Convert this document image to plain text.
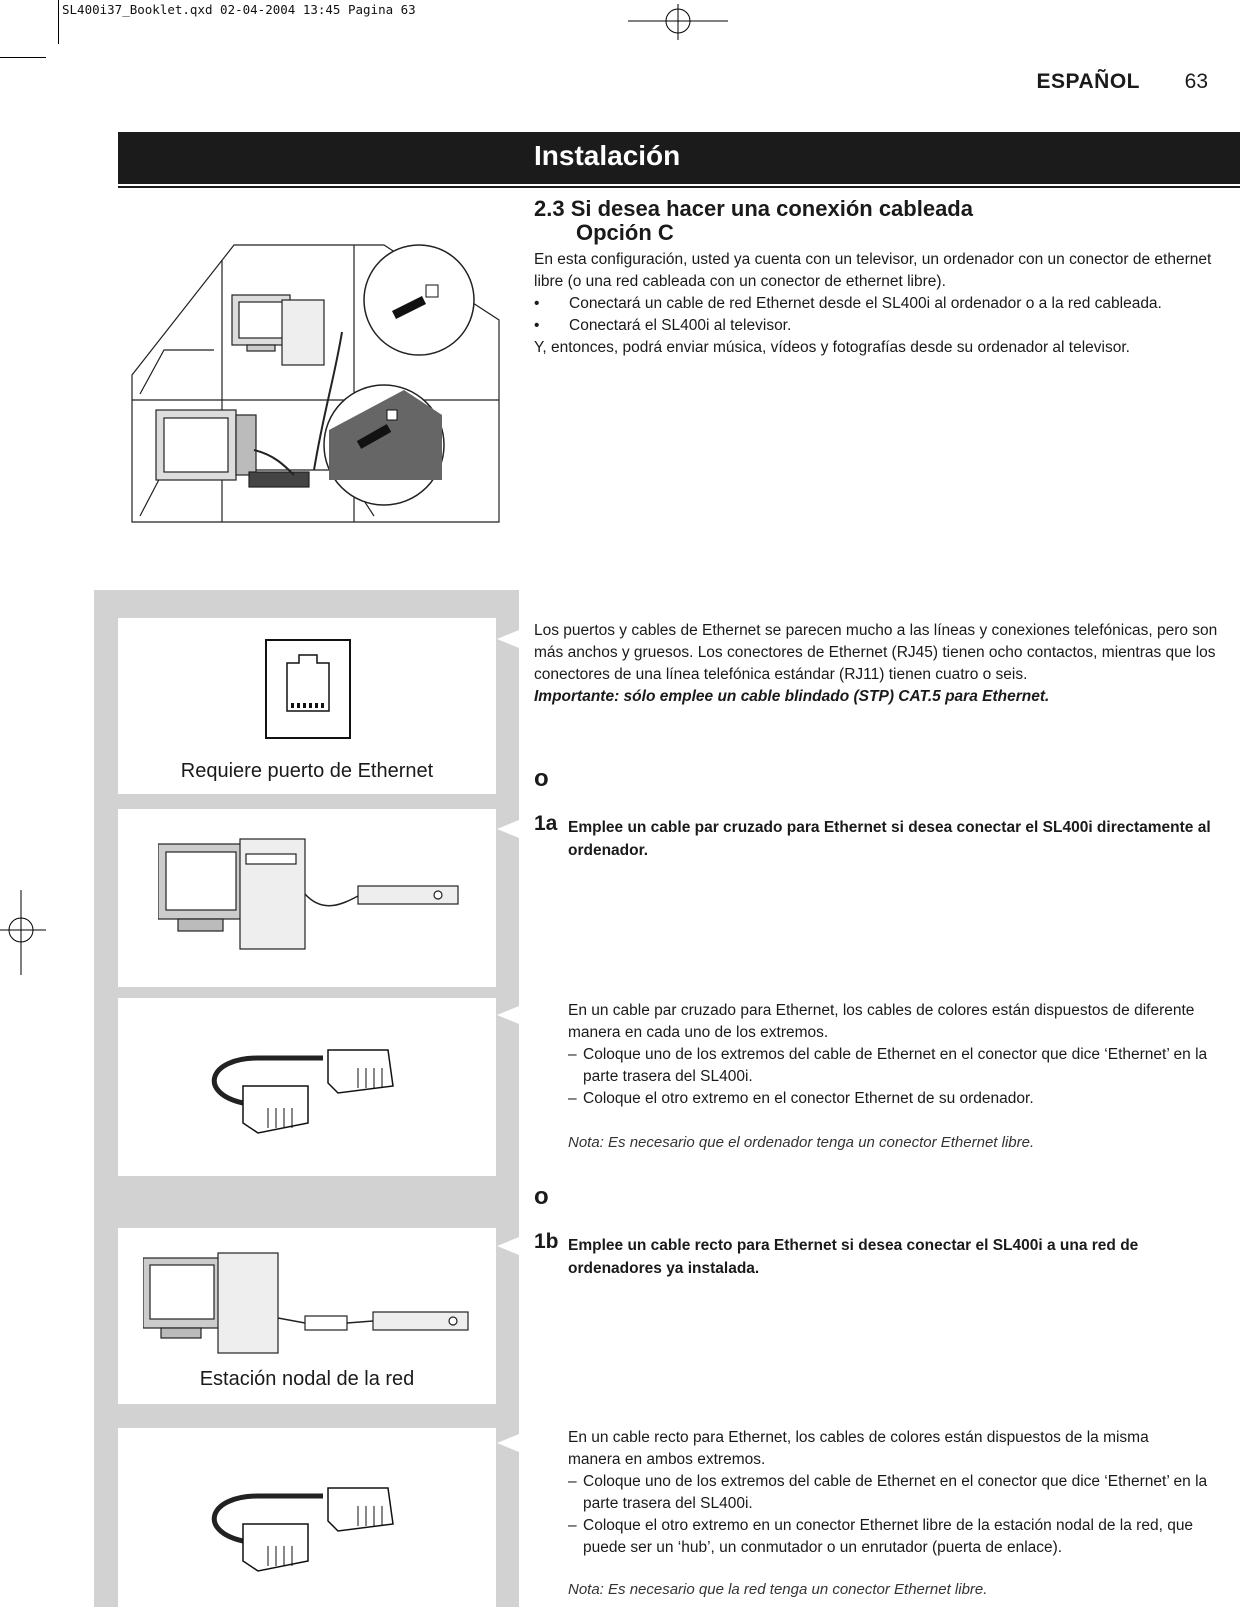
SL400i37_Booklet.qxd 02-04-2004 13:45 Pagina 63
ESPAÑOL 63
Instalación
2.3 Si desea hacer una conexión cableada
Opción C
En esta configuración, usted ya cuenta con un televisor, un ordenador con un conector de ethernet libre (o una red cableada con un conector de ethernet libre).
• Conectará un cable de red Ethernet desde el SL400i al ordenador o a la red cableada.
• Conectará el SL400i al televisor.
Y, entonces, podrá enviar música, vídeos y fotografías desde su ordenador al televisor.
Requiere puerto de Ethernet
Estación nodal de la red
Los puertos y cables de Ethernet se parecen mucho a las líneas y conexiones telefónicas, pero son más anchos y gruesos. Los conectores de Ethernet (RJ45) tienen ocho contactos, mientras que los conectores de una línea telefónica estándar (RJ11) tienen cuatro o seis.
Importante: sólo emplee un cable blindado (STP) CAT.5 para Ethernet.
o
1a Emplee un cable par cruzado para Ethernet si desea conectar el SL400i directamente al ordenador.
En un cable par cruzado para Ethernet, los cables de colores están dispuestos de diferente manera en cada uno de los extremos.
– Coloque uno de los extremos del cable de Ethernet en el conector que dice ‘Ethernet’ en la parte trasera del SL400i.
– Coloque el otro extremo en el conector Ethernet de su ordenador.
Nota: Es necesario que el ordenador tenga un conector Ethernet libre.
o
1b Emplee un cable recto para Ethernet si desea conectar el SL400i a una red de ordenadores ya instalada.
En un cable recto para Ethernet, los cables de colores están dispuestos de la misma manera en ambos extremos.
– Coloque uno de los extremos del cable de Ethernet en el conector que dice ‘Ethernet’ en la parte trasera del SL400i.
– Coloque el otro extremo en un conector Ethernet libre de la estación nodal de la red, que puede ser un ‘hub’, un conmutador o un enrutador (puerta de enlace).
Nota: Es necesario que la red tenga un conector Ethernet libre.
